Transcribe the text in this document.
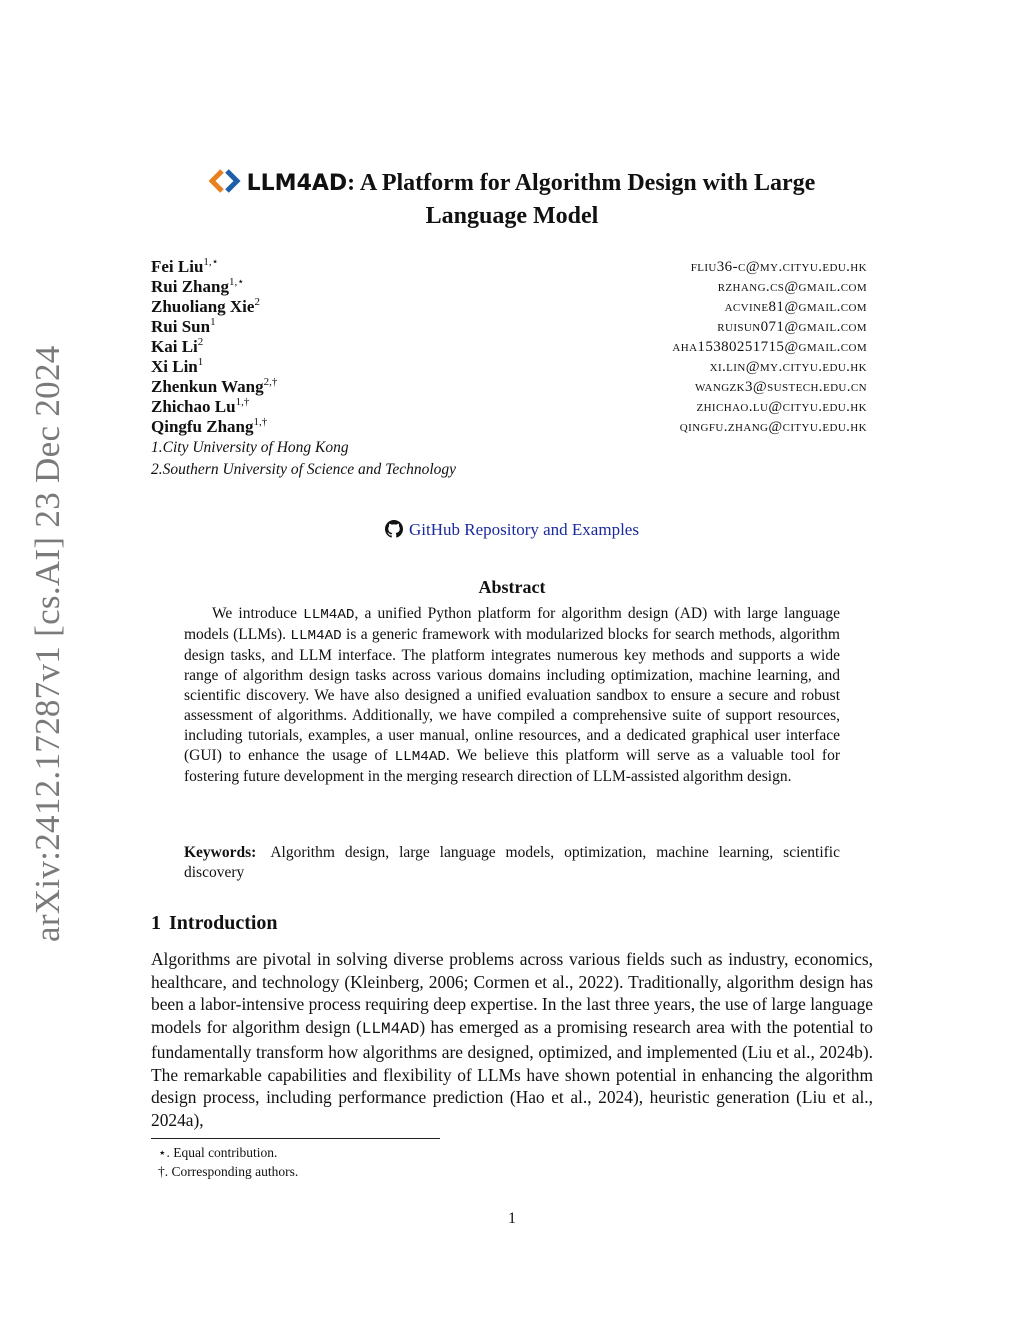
arXiv:2412.17287v1 [cs.AI] 23 Dec 2024
LLM4AD: A Platform for Algorithm Design with Large
Language Model
Fei Liu$^{1,⋆}$	fliu36-c@my.cityu.edu.hk
Rui Zhang$^{1,⋆}$	rzhang.cs@gmail.com
Zhuoliang Xie$^2$	acvine81@gmail.com
Rui Sun$^1$	ruisun071@gmail.com
Kai Li$^2$	aha15380251715@gmail.com
Xi Lin$^1$	xi.lin@my.cityu.edu.hk
Zhenkun Wang$^{2,\dagger}$	wangzk3@sustech.edu.cn
Zhichao $Lu^{1,\dagger}$	zhichao.lu@cityu.edu.hk
Qingfu Zhang$^{1,\dagger}$	qingfu.zhang@cityu.edu.hk
1.City University of Hong Kong
2.Southern University of Science and Technology
GitHub Repository and Examples
Abstract

We introduce LLM4AD, a unified Python platform for algorithm design (AD) with large language models (LLMs). LLM4AD is a generic framework with modularized blocks for search methods, algorithm design tasks, and LLM interface. The platform integrates numerous key methods and supports a wide range of algorithm design tasks across various domains including optimization, machine learning, and scientific discovery. We have also designed a unified evaluation sandbox to ensure a secure and robust assessment of algorithms. Additionally, we have compiled a comprehensive suite of support resources, including tutorials, examples, a user manual, online resources, and a dedicated graphical user interface (GUI) to enhance the usage of LLM4AD. We believe this platform will serve as a valuable tool for fostering future development in the merging research direction of LLM-assisted algorithm design.

Keywords: Algorithm design, large language models, optimization, machine learning, scientific discovery
1 Introduction

Algorithms are pivotal in solving diverse problems across various fields such as industry, economics, healthcare, and technology (Kleinberg, 2006; Cormen et al., 2022). Traditionally, algorithm design has been a labor-intensive process requiring deep expertise. In the last three years, the use of large language models for algorithm design (LLM4AD) has emerged as a promising research area with the potential to fundamentally transform how algorithms are designed, optimized, and implemented (Liu et al., 2024b). The remarkable capabilities and flexibility of LLMs have shown potential in enhancing the algorithm design process, including performance prediction (Hao et al., 2024), heuristic generation (Liu et al., 2024a),

⋆. Equal contribution.
†. Corresponding authors.
1
